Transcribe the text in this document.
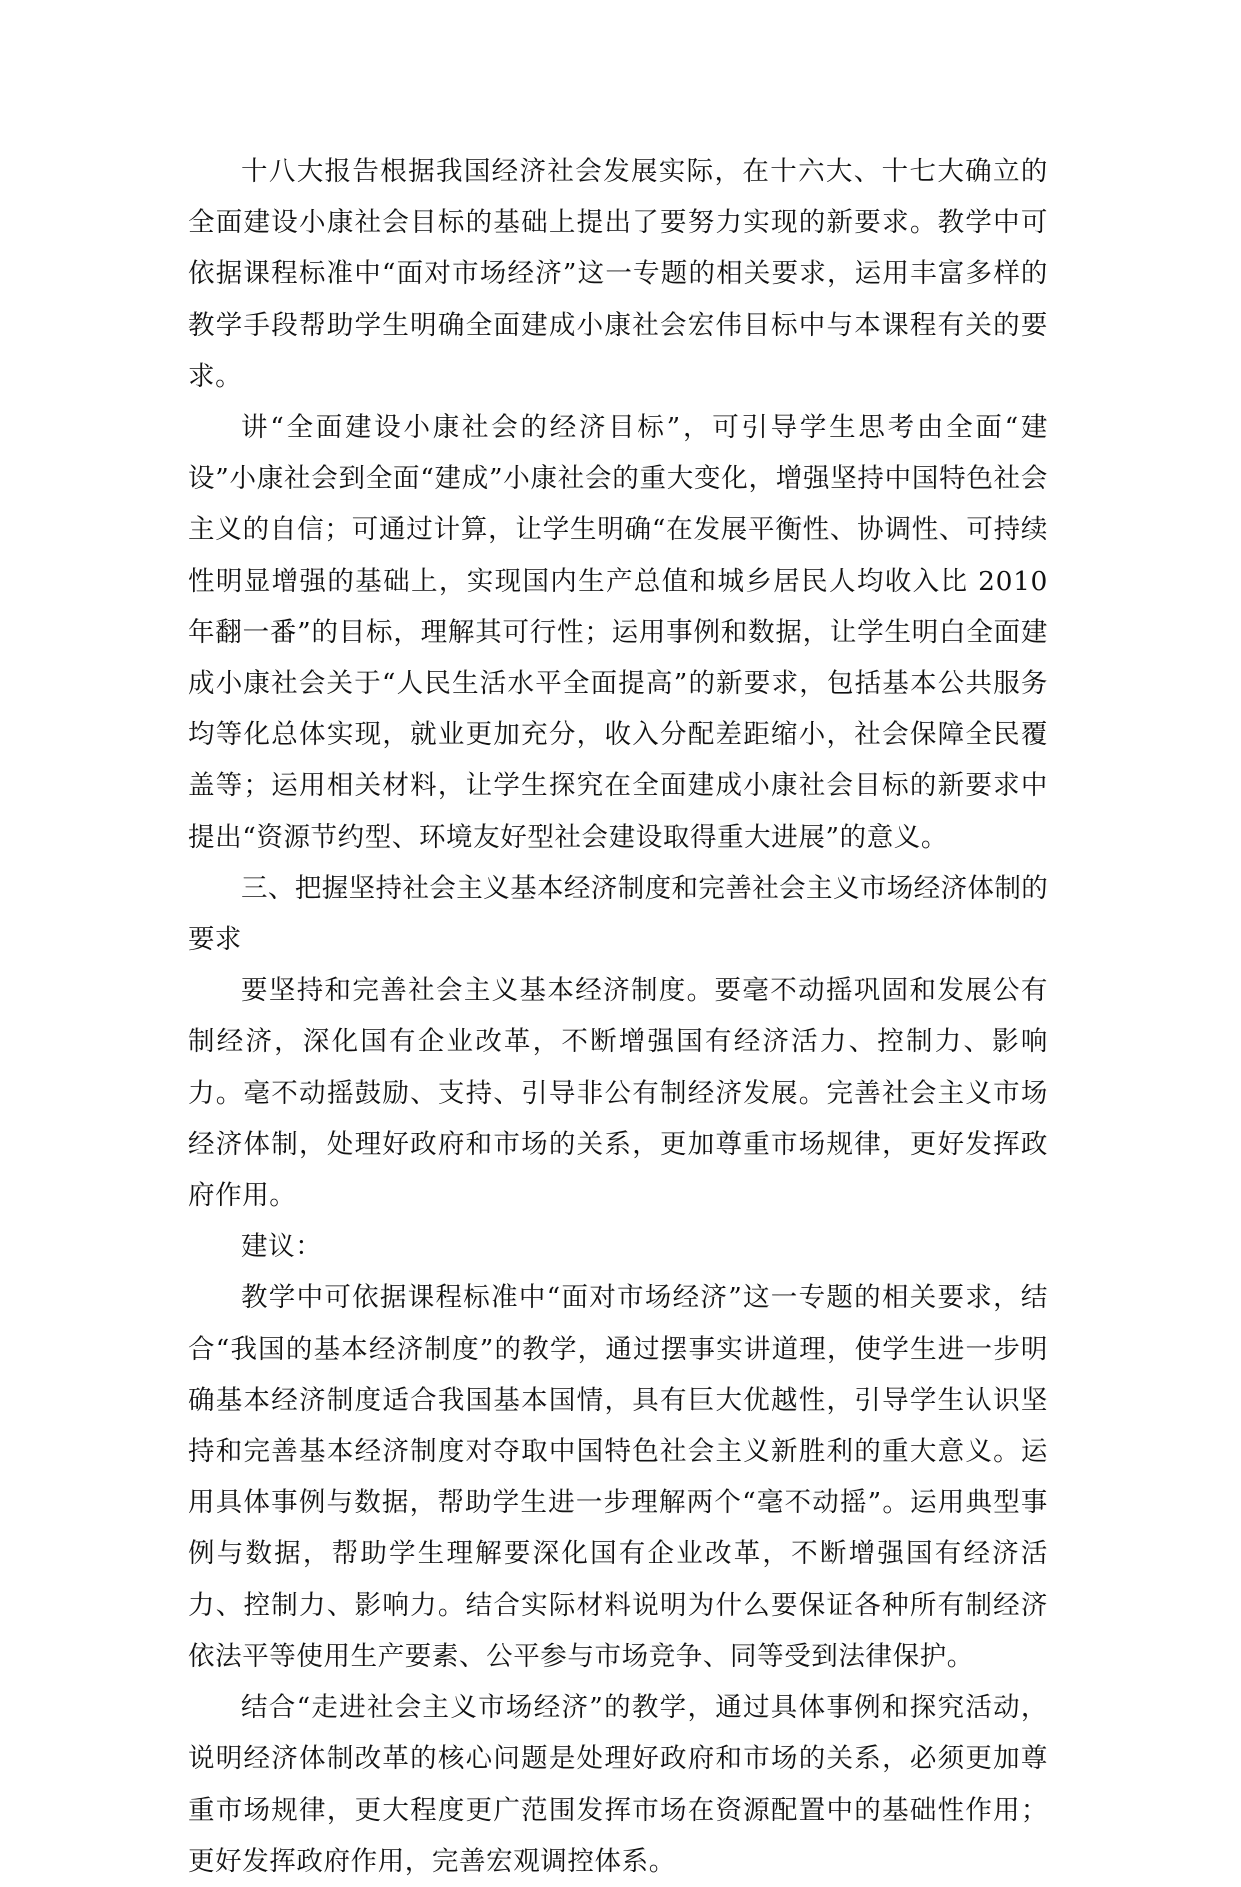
十八大报告根据我国经济社会发展实际，在十六大、十七大确立的全面建设小康社会目标的基础上提出了要努力实现的新要求。教学中可依据课程标准中“面对市场经济”这一专题的相关要求，运用丰富多样的教学手段帮助学生明确全面建成小康社会宏伟目标中与本课程有关的要求。

讲“全面建设小康社会的经济目标”，可引导学生思考由全面“建设”小康社会到全面“建成”小康社会的重大变化，增强坚持中国特色社会主义的自信；可通过计算，让学生明确“在发展平衡性、协调性、可持续性明显增强的基础上，实现国内生产总值和城乡居民人均收入比 2010 年翻一番”的目标，理解其可行性；运用事例和数据，让学生明白全面建成小康社会关于“人民生活水平全面提高”的新要求，包括基本公共服务均等化总体实现，就业更加充分，收入分配差距缩小，社会保障全民覆盖等；运用相关材料，让学生探究在全面建成小康社会目标的新要求中提出“资源节约型、环境友好型社会建设取得重大进展”的意义。

三、把握坚持社会主义基本经济制度和完善社会主义市场经济体制的要求

要坚持和完善社会主义基本经济制度。要毫不动摇巩固和发展公有制经济，深化国有企业改革，不断增强国有经济活力、控制力、影响力。毫不动摇鼓励、支持、引导非公有制经济发展。完善社会主义市场经济体制，处理好政府和市场的关系，更加尊重市场规律，更好发挥政府作用。

建议：

教学中可依据课程标准中“面对市场经济”这一专题的相关要求，结合“我国的基本经济制度”的教学，通过摆事实讲道理，使学生进一步明确基本经济制度适合我国基本国情，具有巨大优越性，引导学生认识坚持和完善基本经济制度对夺取中国特色社会主义新胜利的重大意义。运用具体事例与数据，帮助学生进一步理解两个“毫不动摇”。运用典型事例与数据，帮助学生理解要深化国有企业改革，不断增强国有经济活力、控制力、影响力。结合实际材料说明为什么要保证各种所有制经济依法平等使用生产要素、公平参与市场竞争、同等受到法律保护。

结合“走进社会主义市场经济”的教学，通过具体事例和探究活动，说明经济体制改革的核心问题是处理好政府和市场的关系，必须更加尊重市场规律，更大程度更广范围发挥市场在资源配置中的基础性作用；更好发挥政府作用，完善宏观调控体系。
